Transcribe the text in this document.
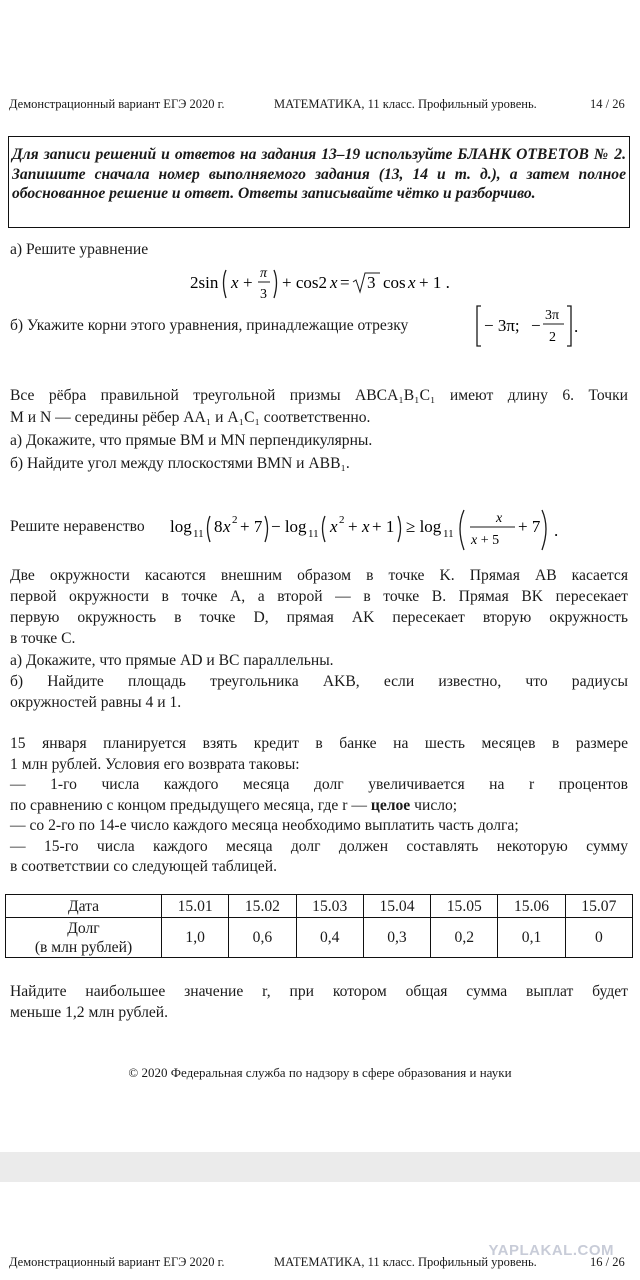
Демонстрационный вариант ЕГЭ 2020 г.	МАТЕМАТИКА, 11 класс. Профильный уровень.	14 / 26
Для записи решений и ответов на задания 13–19 используйте БЛАНК ОТВЕТОВ № 2. Запишите сначала номер выполняемого задания (13, 14 и т. д.), а затем полное обоснованное решение и ответ. Ответы записывайте чётко и разборчиво.
а) Решите уравнение
2sin x + π
3
+ cos2 x = 3 cos x + 1 .
б) Укажите корни этого уравнения, принадлежащие отрезку	− 3π; −
3π
2
.
Все рёбра правильной треугольной призмы ABCA₁B₁C₁ имеют длину 6. Точки
M и N — середины рёбер AA₁ и A₁C₁ соответственно.
а) Докажите, что прямые BM и MN перпендикулярны.
б) Найдите угол между плоскостями BMN и ABB₁.
Решите неравенство	log 11 8 x 2 + 7 − log 11 x 2 + x + 1 ≥ log 11
x
x + 5
+ 7 .
Две окружности касаются внешним образом в точке K. Прямая AB касается
первой окружности в точке A, а второй — в точке B. Прямая BK пересекает
первую окружность в точке D, прямая AK пересекает вторую окружность
в точке C.
а) Докажите, что прямые AD и BC параллельны.
б) Найдите площадь треугольника AKB, если известно, что радиусы
окружностей равны 4 и 1.
15 января планируется взять кредит в банке на шесть месяцев в размере
1 млн рублей. Условия его возврата таковы:
— 1-го числа каждого месяца долг увеличивается на r процентов
по сравнению с концом предыдущего месяца, где r — целое число;
— со 2-го по 14-е число каждого месяца необходимо выплатить часть долга;
— 15-го числа каждого месяца долг должен составлять некоторую сумму
в соответствии со следующей таблицей.
Дата	15.01	15.02	15.03	15.04	15.05	15.06	15.07

Долг
(в млн рублей)	1,0	0,6	0,4	0,3	0,2	0,1	0
Найдите наибольшее значение r, при котором общая сумма выплат будет
меньше 1,2 млн рублей.
© 2020 Федеральная служба по надзору в сфере образования и науки
YAPLAKAL.COM
Демонстрационный вариант ЕГЭ 2020 г.	МАТЕМАТИКА, 11 класс. Профильный уровень.	16 / 26
